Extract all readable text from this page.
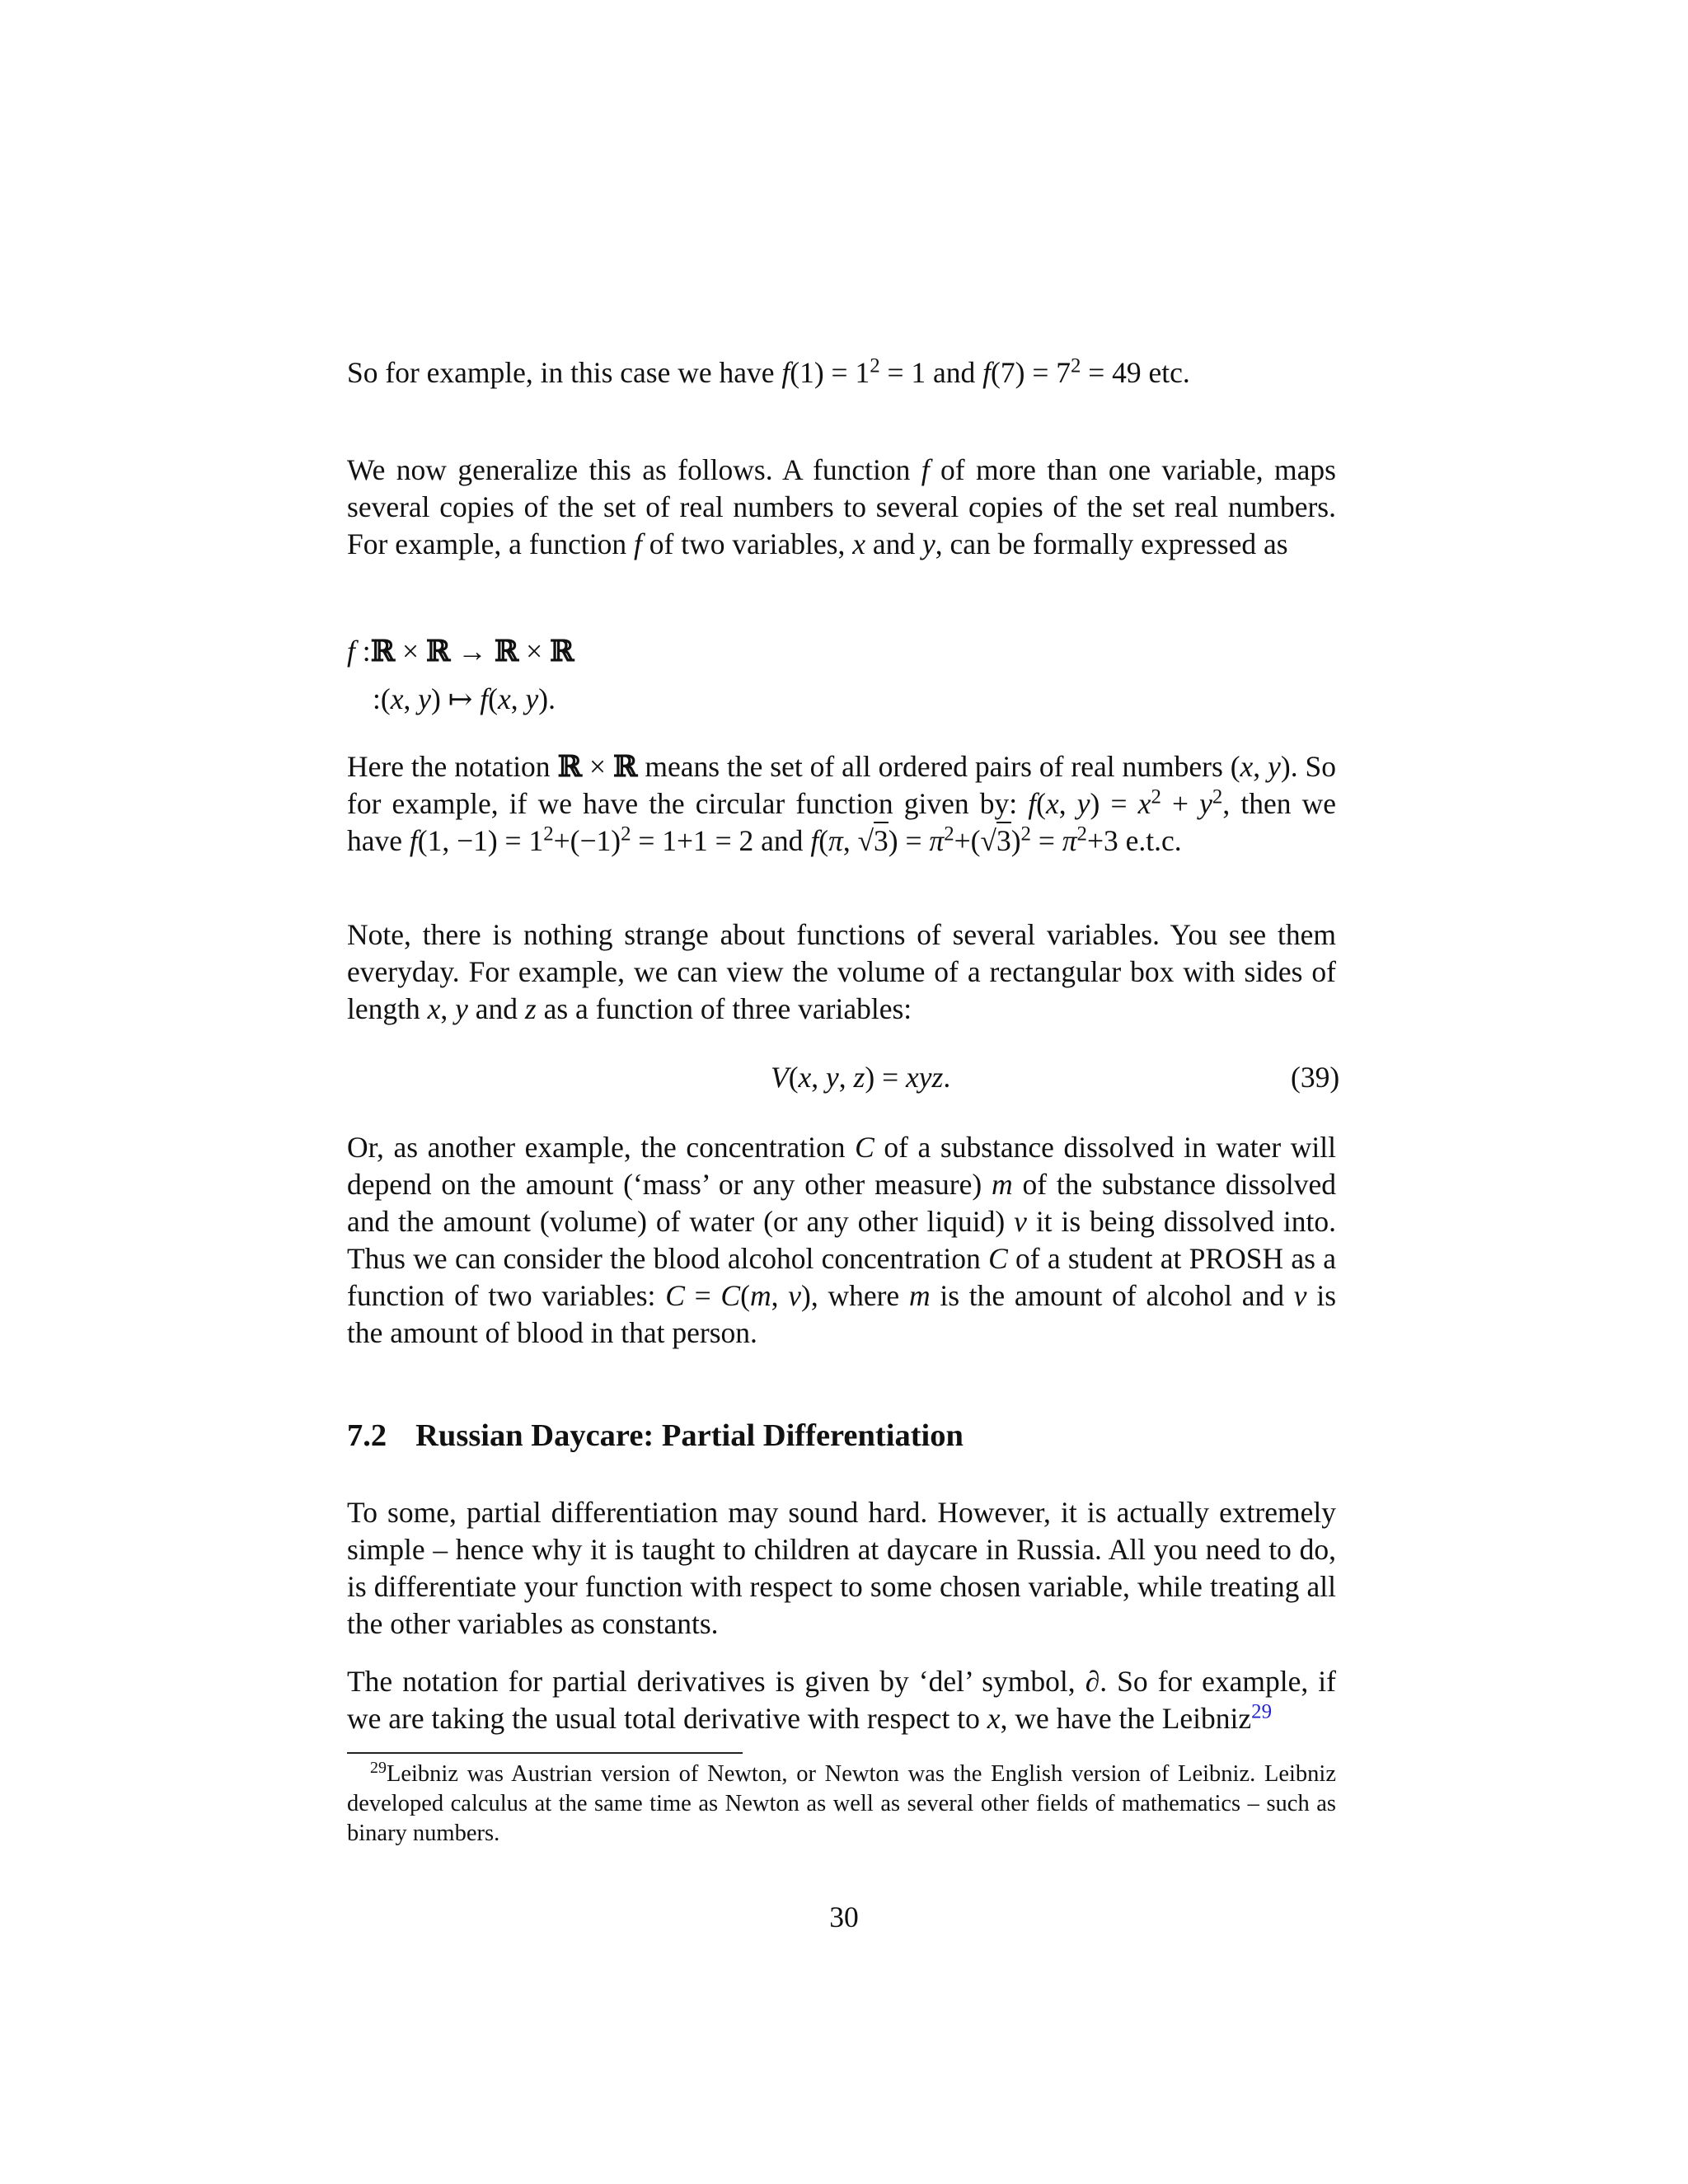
So for example, in this case we have $f(1) = 1^2 = 1$ and $f(7) = 7^2 = 49$ etc.

We now generalize this as follows. A function f of more than one variable, maps several copies of the set of real numbers to several copies of the set real numbers. For example, a function f of two variables, x and y, can be formally expressed as

f :ℝ × ℝ → ℝ × ℝ
:(x, y) ↦ f(x, y).

Here the notation ℝ × ℝ means the set of all ordered pairs of real numbers (x, y). So for example, if we have the circular function given by: f(x, $y) = x^2 + y^2$, then we have f(1, $-1) = 1^2+(-1)^2 = 1+1 = 2$ and f(π, $√3) = \pi^2+(√3)^2 = \pi^2+3$ e.t.c.

Note, there is nothing strange about functions of several variables. You see them everyday. For example, we can view the volume of a rectangular box with sides of length x, y and z as a function of three variables:

V(x, y, z) = xyz.	(39)

Or, as another example, the concentration C of a substance dissolved in water will depend on the amount (‘mass’ or any other measure) m of the substance dissolved and the amount (volume) of water (or any other liquid) v it is being dissolved into. Thus we can consider the blood alcohol concentration C of a student at PROSH as a function of two variables: C = C(m, v), where m is the amount of alcohol and v is the amount of blood in that person.

7.2 Russian Daycare: Partial Differentiation

To some, partial differentiation may sound hard. However, it is actually extremely simple – hence why it is taught to children at daycare in Russia. All you need to do, is differentiate your function with respect to some chosen variable, while treating all the other variables as constants.

The notation for partial derivatives is given by ‘del’ symbol, ∂. So for example, if we are taking the usual total derivative with respect to x, we have the Leibniz$^{29}$

$^{29}$Leibniz was Austrian version of Newton, or Newton was the English version of Leibniz. Leibniz developed calculus at the same time as Newton as well as several other fields of mathematics – such as binary numbers.

30
